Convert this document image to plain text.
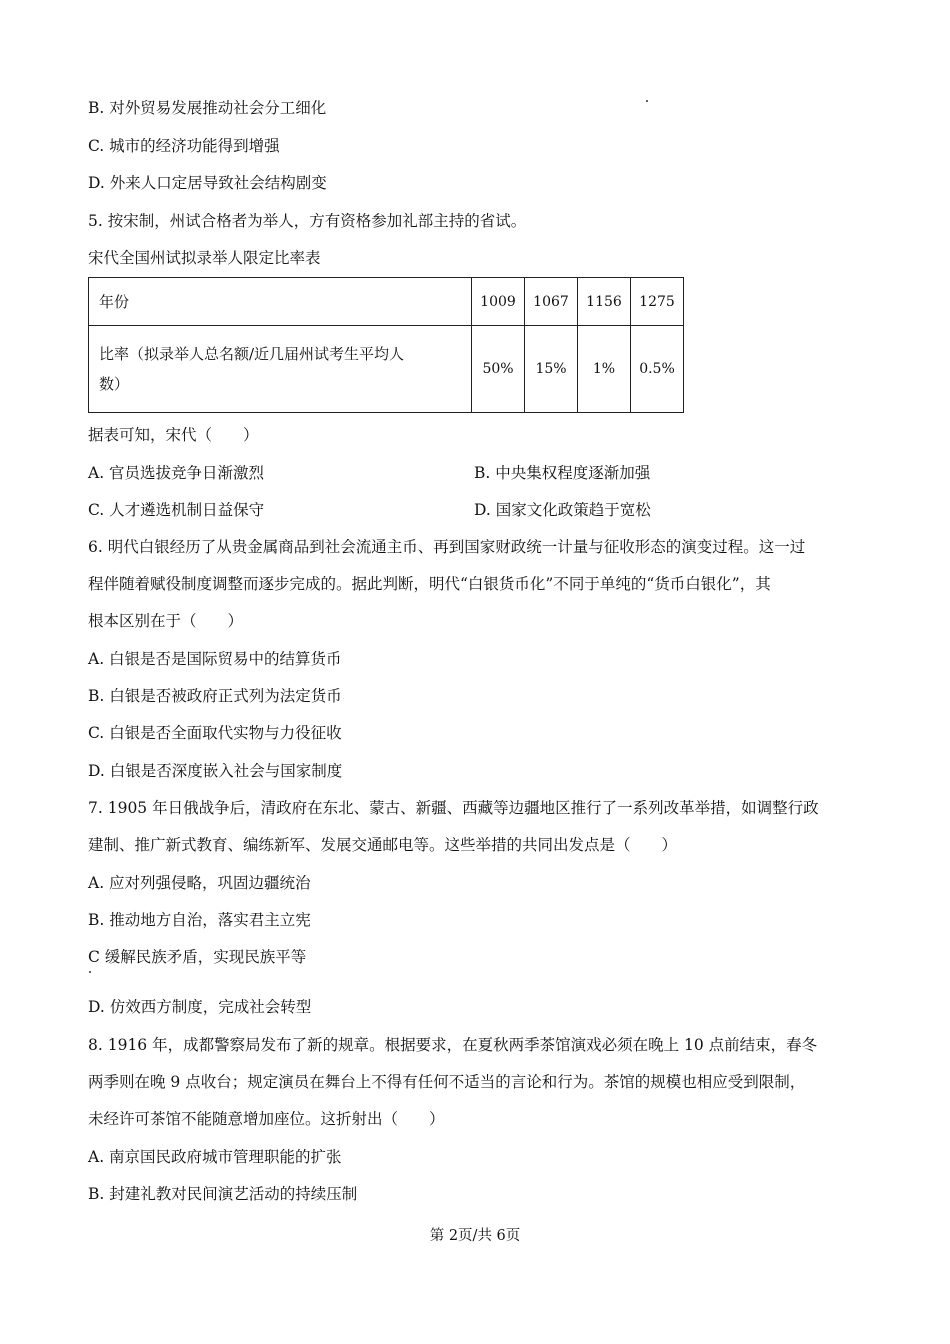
B. 对外贸易发展推动社会分工细化
C. 城市的经济功能得到增强
D. 外来人口定居导致社会结构剧变
5. 按宋制，州试合格者为举人，方有资格参加礼部主持的省试。
宋代全国州试拟录举人限定比率表
年份	1009	1067	1156	1275

比率（拟录举人总名额/近几届州试考生平均人
数）	50%	15%	1%	0.5%
据表可知，宋代（　　）
A. 官员选拔竞争日渐激烈	B. 中央集权程度逐渐加强
C. 人才遴选机制日益保守	D. 国家文化政策趋于宽松
6. 明代白银经历了从贵金属商品到社会流通主币、再到国家财政统一计量与征收形态的演变过程。这一过
程伴随着赋役制度调整而逐步完成的。据此判断，明代“白银货币化”不同于单纯的“货币白银化”，其
根本区别在于（　　）
A. 白银是否是国际贸易中的结算货币
B. 白银是否被政府正式列为法定货币
C. 白银是否全面取代实物与力役征收
D. 白银是否深度嵌入社会与国家制度
7. 1905 年日俄战争后，清政府在东北、蒙古、新疆、西藏等边疆地区推行了一系列改革举措，如调整行政
建制、推广新式教育、编练新军、发展交通邮电等。这些举措的共同出发点是（　　）
A. 应对列强侵略，巩固边疆统治
B. 推动地方自治，落实君主立宪
C 缓解民族矛盾，实现民族平等
D. 仿效西方制度，完成社会转型
8. 1916 年，成都警察局发布了新的规章。根据要求，在夏秋两季茶馆演戏必须在晚上 10 点前结束，春冬
两季则在晚 9 点收台；规定演员在舞台上不得有任何不适当的言论和行为。茶馆的规模也相应受到限制，
未经许可茶馆不能随意增加座位。这折射出（　　）
A. 南京国民政府城市管理职能的扩张
B. 封建礼教对民间演艺活动的持续压制
第 2页/共 6页
